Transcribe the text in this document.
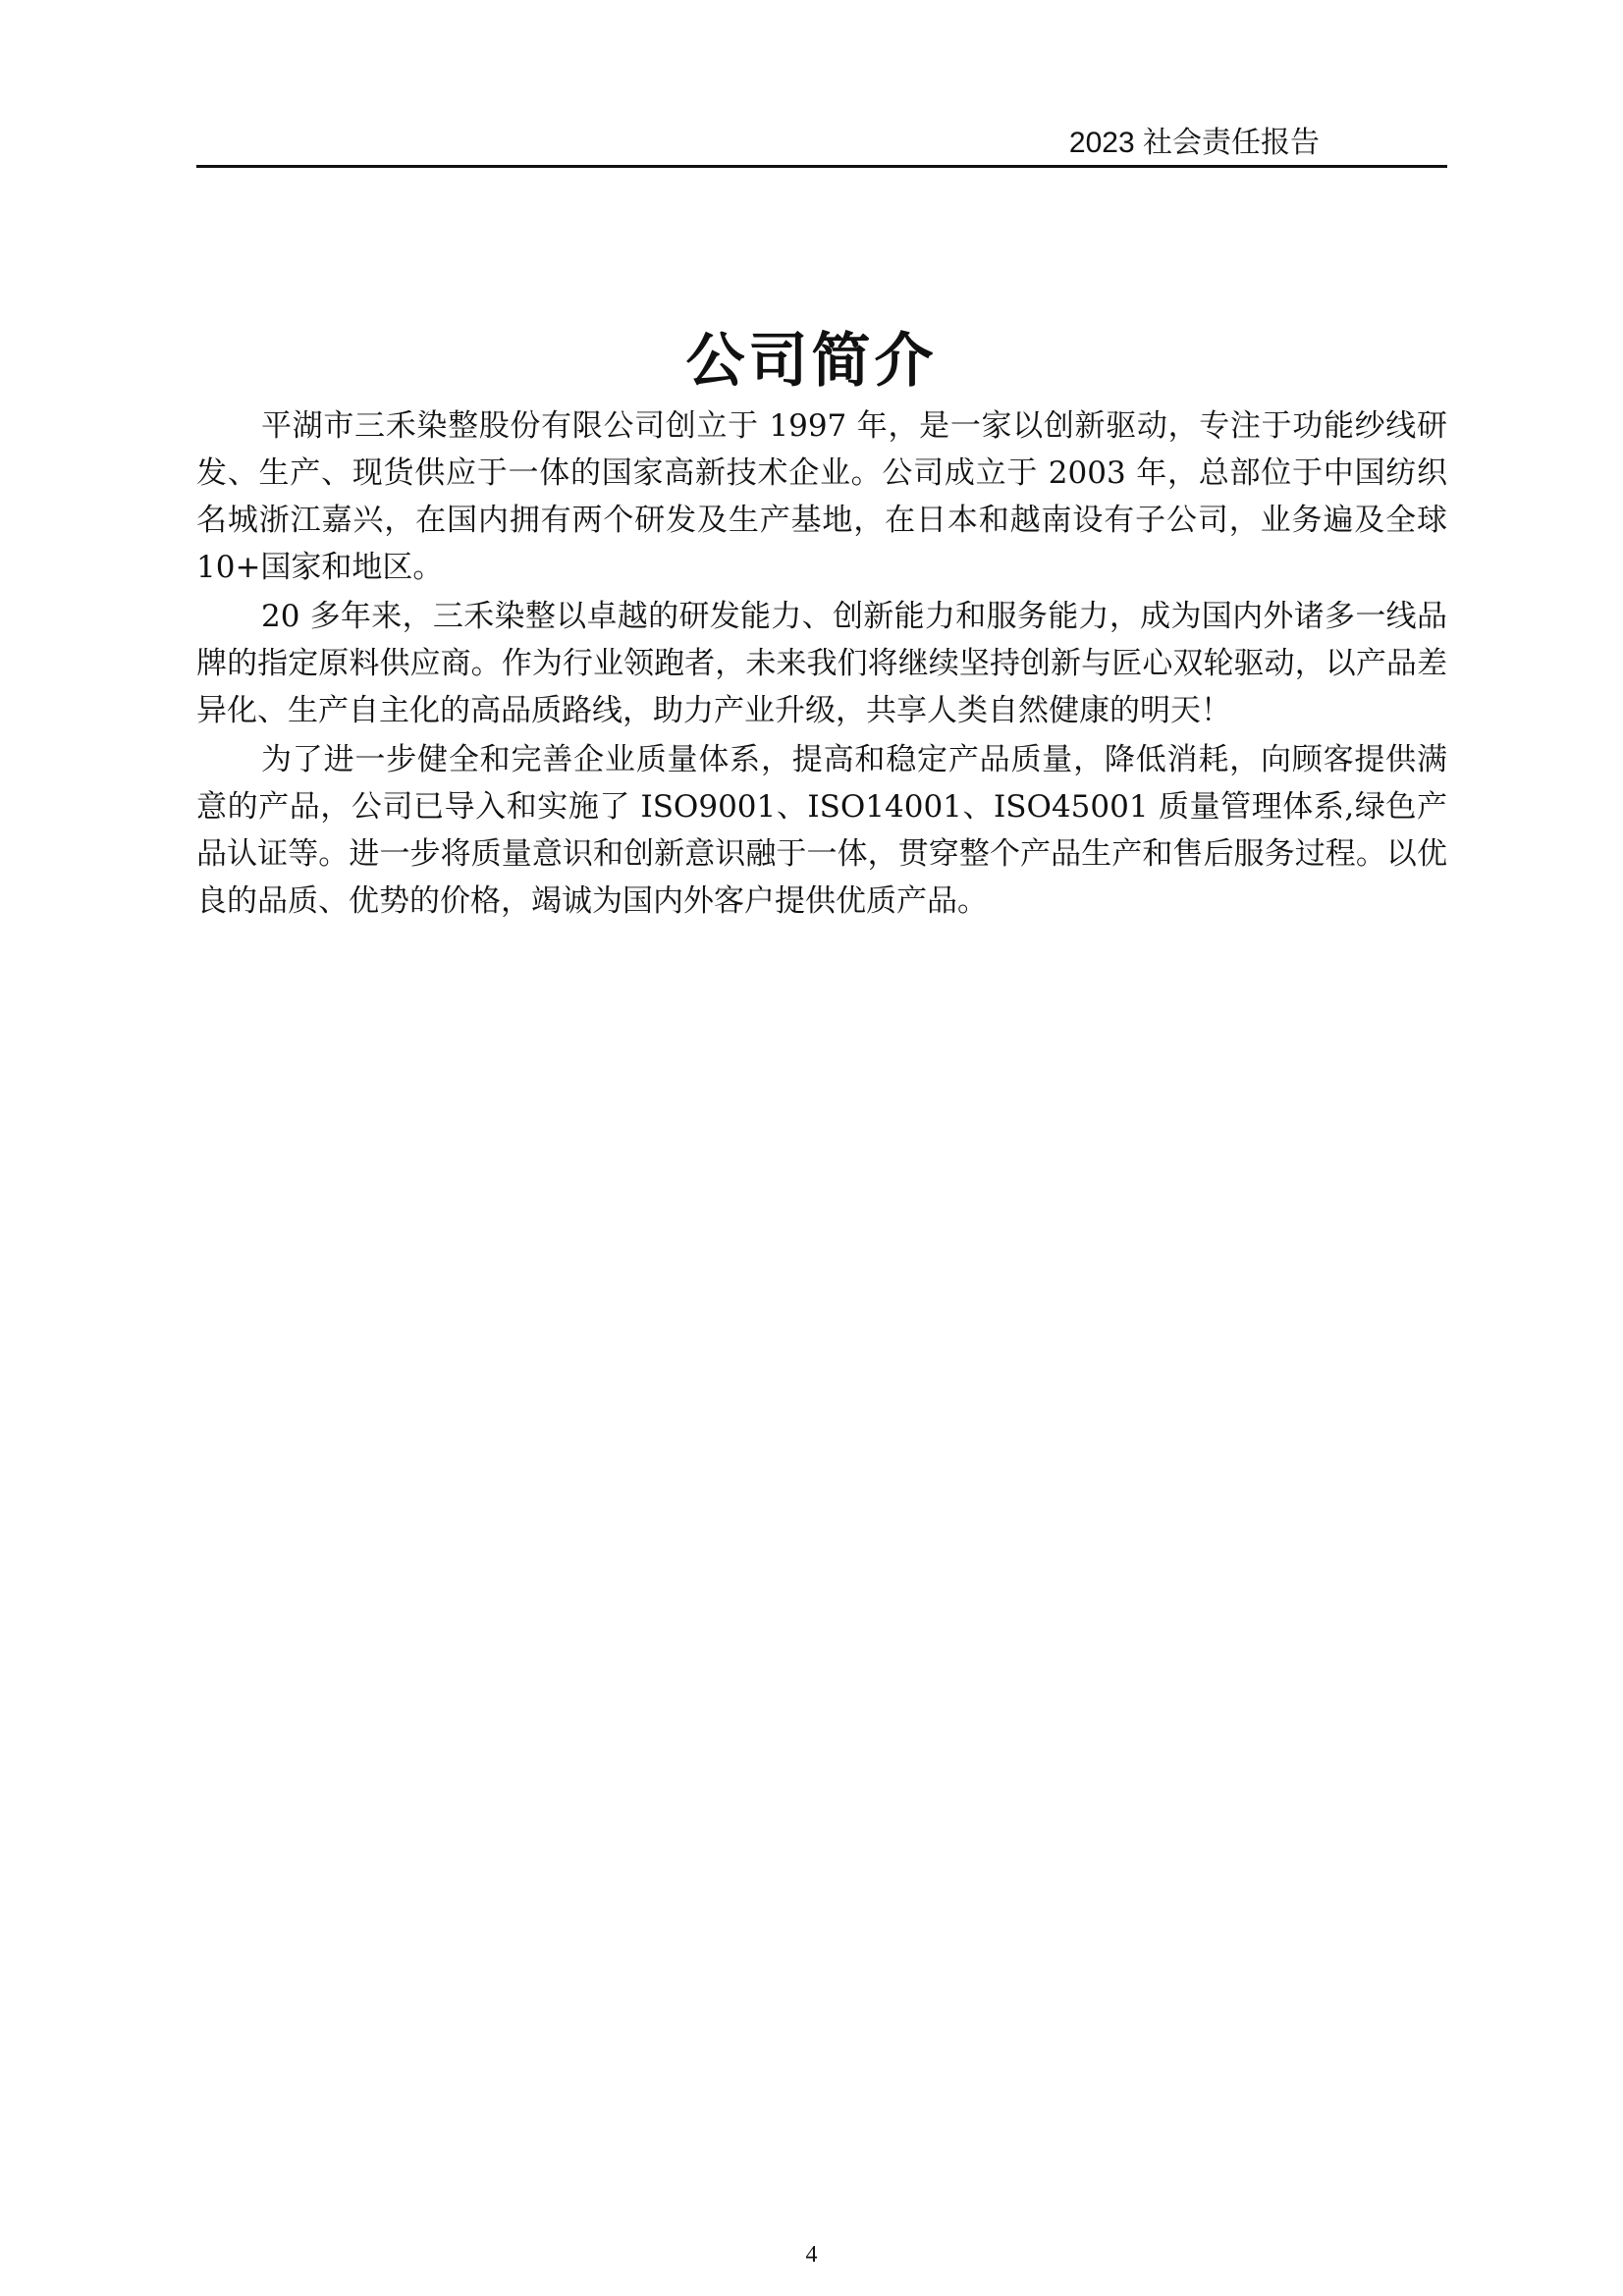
2023 社会责任报告
公司简介

平湖市三禾染整股份有限公司创立于 1997 年，是一家以创新驱动，专注于功能纱线研发、生产、现货供应于一体的国家高新技术企业。公司成立于 2003 年，总部位于中国纺织名城浙江嘉兴，在国内拥有两个研发及生产基地，在日本和越南设有子公司，业务遍及全球 10+国家和地区。

20 多年来，三禾染整以卓越的研发能力、创新能力和服务能力，成为国内外诸多一线品牌的指定原料供应商。作为行业领跑者，未来我们将继续坚持创新与匠心双轮驱动，以产品差异化、生产自主化的高品质路线，助力产业升级，共享人类自然健康的明天！

为了进一步健全和完善企业质量体系，提高和稳定产品质量，降低消耗，向顾客提供满意的产品，公司已导入和实施了 ISO9001、ISO14001、ISO45001 质量管理体系,绿色产品认证等。进一步将质量意识和创新意识融于一体，贯穿整个产品生产和售后服务过程。以优良的品质、优势的价格，竭诚为国内外客户提供优质产品。

4
